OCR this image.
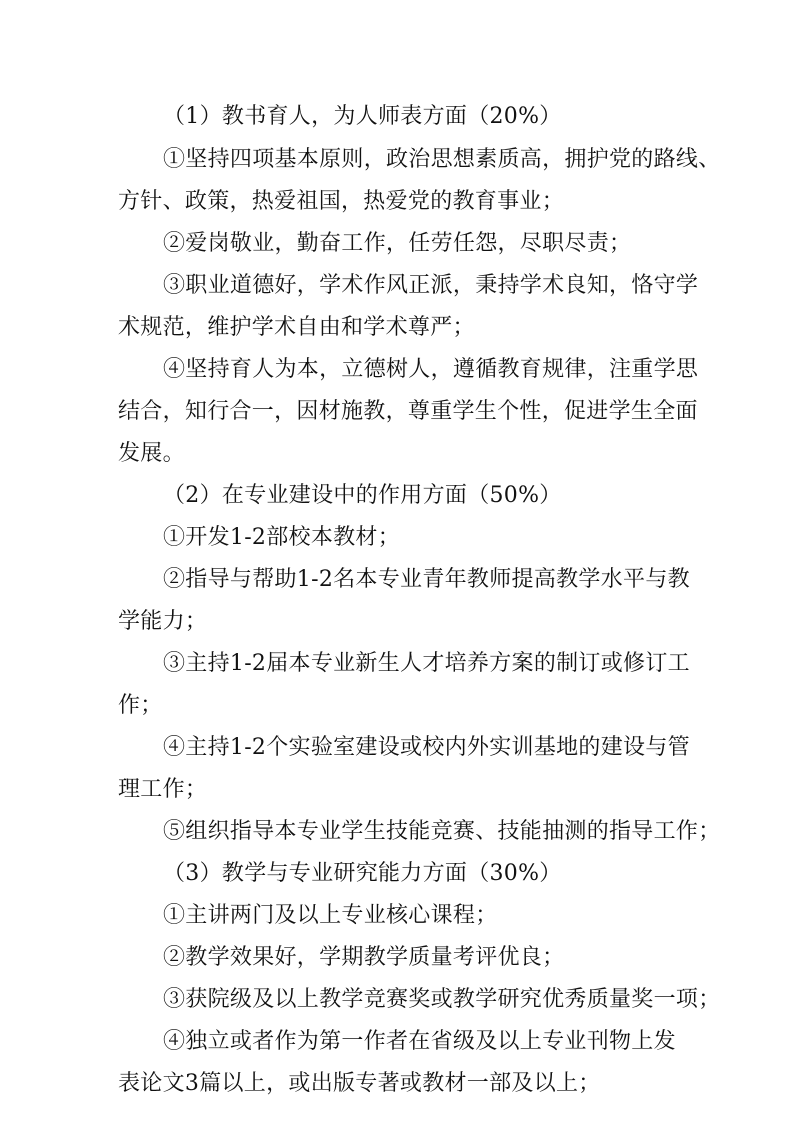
（1）教书育人，为人师表方面（20%）
①坚持四项基本原则，政治思想素质高，拥护党的路线、
方针、政策，热爱祖国，热爱党的教育事业；
②爱岗敬业，勤奋工作，任劳任怨，尽职尽责；
③职业道德好，学术作风正派，秉持学术良知，恪守学
术规范，维护学术自由和学术尊严；
④坚持育人为本，立德树人，遵循教育规律，注重学思
结合，知行合一，因材施教，尊重学生个性，促进学生全面
发展。
（2）在专业建设中的作用方面（50%）
①开发1-2部校本教材；
②指导与帮助1-2名本专业青年教师提高教学水平与教
学能力；
③主持1-2届本专业新生人才培养方案的制订或修订工
作；
④主持1-2个实验室建设或校内外实训基地的建设与管
理工作；
⑤组织指导本专业学生技能竞赛、技能抽测的指导工作；
（3）教学与专业研究能力方面（30%）
①主讲两门及以上专业核心课程；
②教学效果好，学期教学质量考评优良；
③获院级及以上教学竞赛奖或教学研究优秀质量奖一项；
④独立或者作为第一作者在省级及以上专业刊物上发
表论文3篇以上，或出版专著或教材一部及以上；
